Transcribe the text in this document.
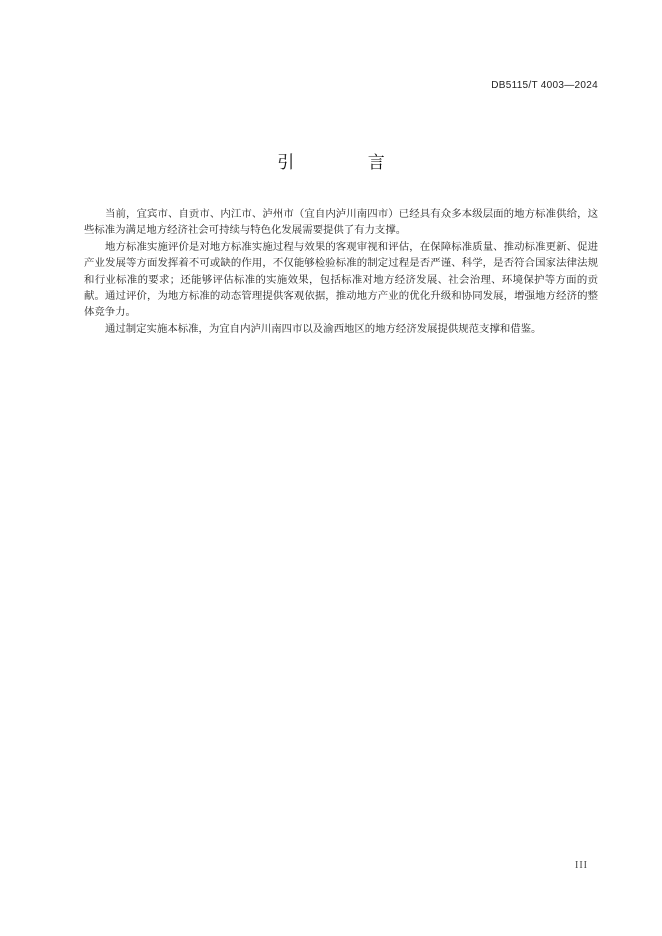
DB5115/T 4003—2024
引 言

当前，宜宾市、自贡市、内江市、泸州市（宜自内泸川南四市）已经具有众多本级层面的地方标准供给，这些标准为满足地方经济社会可持续与特色化发展需要提供了有力支撑。

地方标准实施评价是对地方标准实施过程与效果的客观审视和评估，在保障标准质量、推动标准更新、促进产业发展等方面发挥着不可或缺的作用，不仅能够检验标准的制定过程是否严谨、科学，是否符合国家法律法规和行业标准的要求；还能够评估标准的实施效果，包括标准对地方经济发展、社会治理、环境保护等方面的贡献。通过评价，为地方标准的动态管理提供客观依据，推动地方产业的优化升级和协同发展，增强地方经济的整体竞争力。

通过制定实施本标准，为宜自内泸川南四市以及渝西地区的地方经济发展提供规范支撑和借鉴。

III
